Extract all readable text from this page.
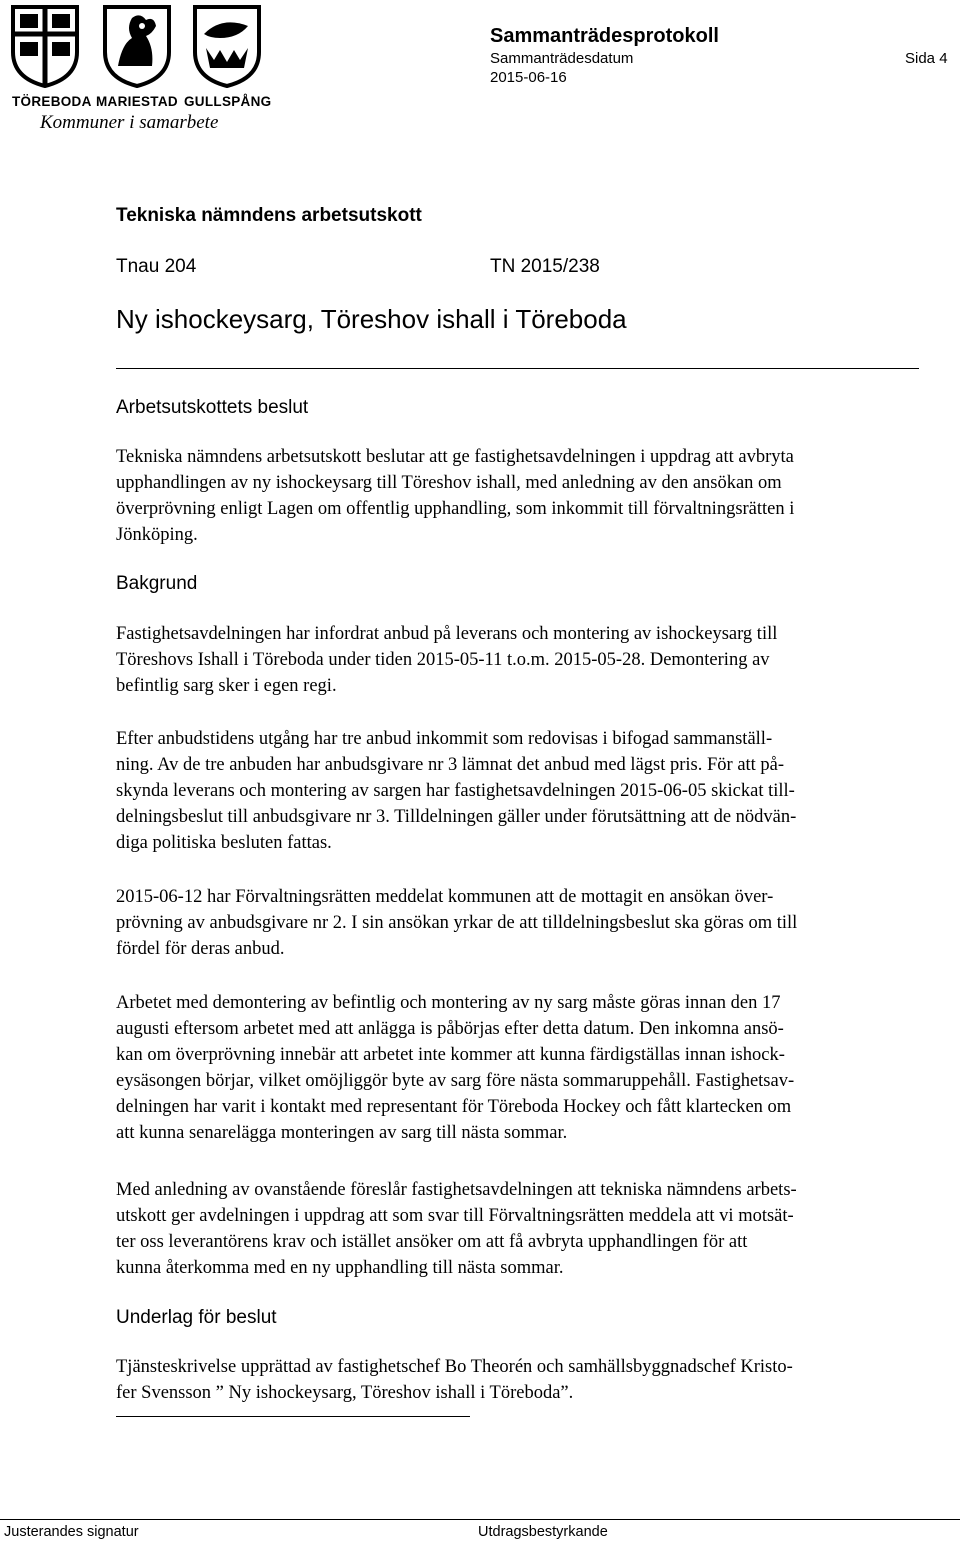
TÖREBODA MARIESTAD GULLSPÅNG
Kommuner i samarbete
Sammanträdesprotokoll
Sammanträdesdatum
2015-06-16
Sida 4
Tekniska nämndens arbetsutskott
Tnau 204	TN 2015/238
Ny ishockeysarg, Töreshov ishall i Töreboda
Arbetsutskottets beslut
Tekniska nämndens arbetsutskott beslutar att ge fastighetsavdelningen i uppdrag att avbryta
upphandlingen av ny ishockeysarg till Töreshov ishall, med anledning av den ansökan om
överprövning enligt Lagen om offentlig upphandling, som inkommit till förvaltningsrätten i
Jönköping.
Bakgrund
Fastighetsavdelningen har infordrat anbud på leverans och montering av ishockeysarg till
Töreshovs Ishall i Töreboda under tiden 2015-05-11 t.o.m. 2015-05-28. Demontering av
befintlig sarg sker i egen regi.
Efter anbudstidens utgång har tre anbud inkommit som redovisas i bifogad sammanställ-
ning. Av de tre anbuden har anbudsgivare nr 3 lämnat det anbud med lägst pris. För att på-
skynda leverans och montering av sargen har fastighetsavdelningen 2015-06-05 skickat till-
delningsbeslut till anbudsgivare nr 3. Tilldelningen gäller under förutsättning att de nödvän-
diga politiska besluten fattas.
2015-06-12 har Förvaltningsrätten meddelat kommunen att de mottagit en ansökan över-
prövning av anbudsgivare nr 2. I sin ansökan yrkar de att tilldelningsbeslut ska göras om till
fördel för deras anbud.
Arbetet med demontering av befintlig och montering av ny sarg måste göras innan den 17
augusti eftersom arbetet med att anlägga is påbörjas efter detta datum. Den inkomna ansö-
kan om överprövning innebär att arbetet inte kommer att kunna färdigställas innan ishock-
eysäsongen börjar, vilket omöjliggör byte av sarg före nästa sommaruppehåll. Fastighetsav-
delningen har varit i kontakt med representant för Töreboda Hockey och fått klartecken om
att kunna senarelägga monteringen av sarg till nästa sommar.
Med anledning av ovanstående föreslår fastighetsavdelningen att tekniska nämndens arbets-
utskott ger avdelningen i uppdrag att som svar till Förvaltningsrätten meddela att vi motsät-
ter oss leverantörens krav och istället ansöker om att få avbryta upphandlingen för att
kunna återkomma med en ny upphandling till nästa sommar.
Underlag för beslut
Tjänsteskrivelse upprättad av fastighetschef Bo Theorén och samhällsbyggnadschef Kristo-
fer Svensson ” Ny ishockeysarg, Töreshov ishall i Töreboda”.
Justerandes signatur	Utdragsbestyrkande
